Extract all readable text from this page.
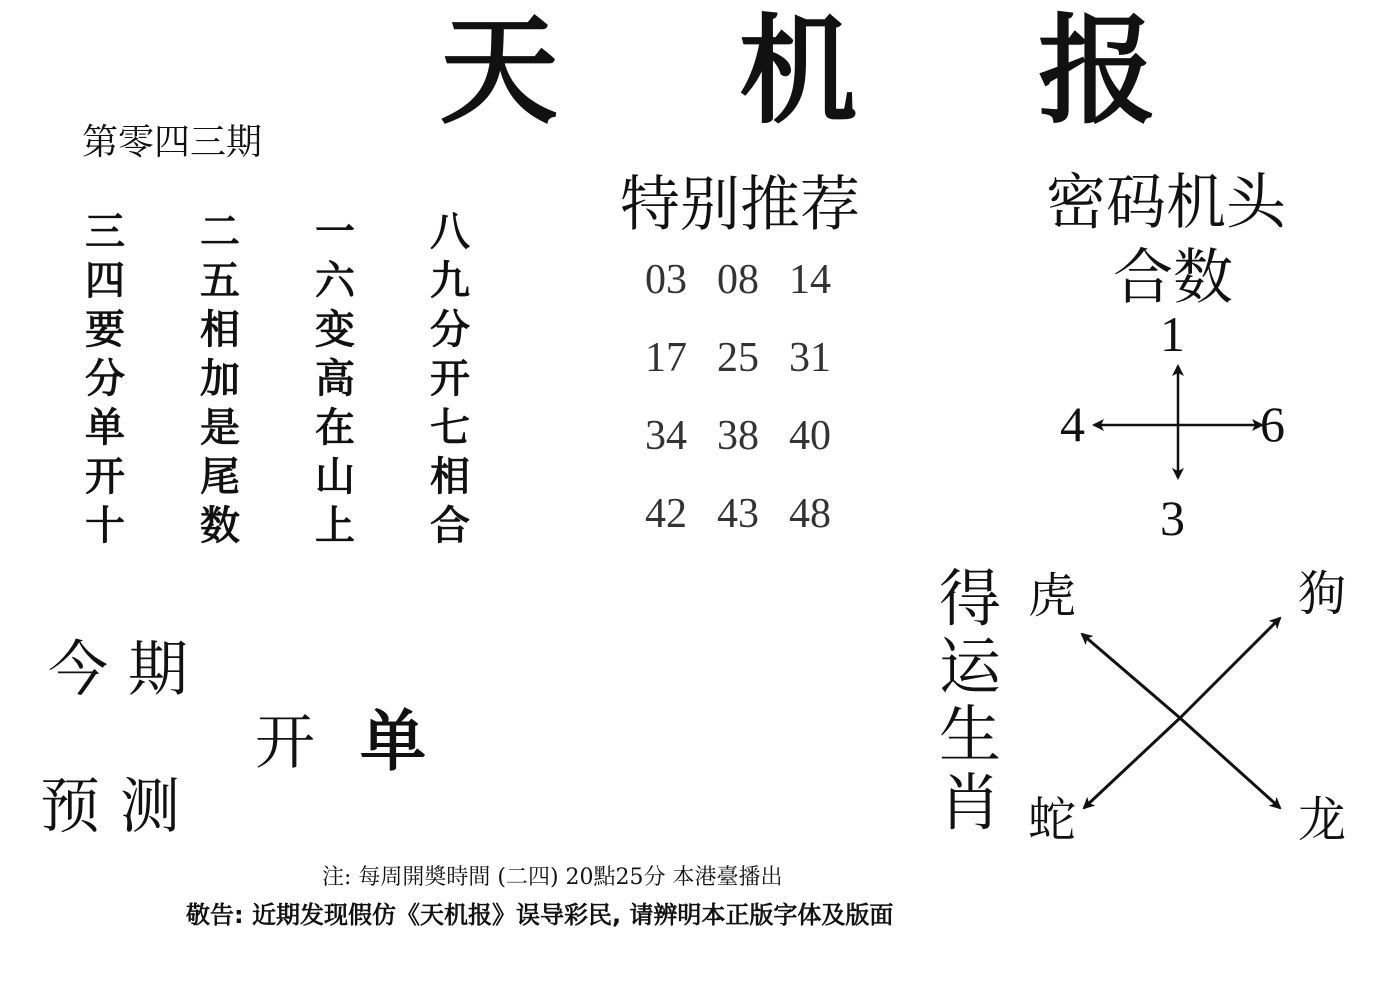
天 机 报
第零四三期
三
四
要
分
单
开
十
二
五
相
加
是
尾
数
一
六
变
高
在
山
上
八
九
分
开
七
相
合
特别推荐
03 08 14
17 25 31
34 38 40
42 43 48
密码机头
合数
1
4	6
3
今期
预测
开 单
得
运
生
肖
虎	狗
蛇	龙
注: 每周開奬時間 (二四) 20點25分 本港臺播出
敬告: 近期发现假仿《天机报》误导彩民, 请辨明本正版字体及版面
